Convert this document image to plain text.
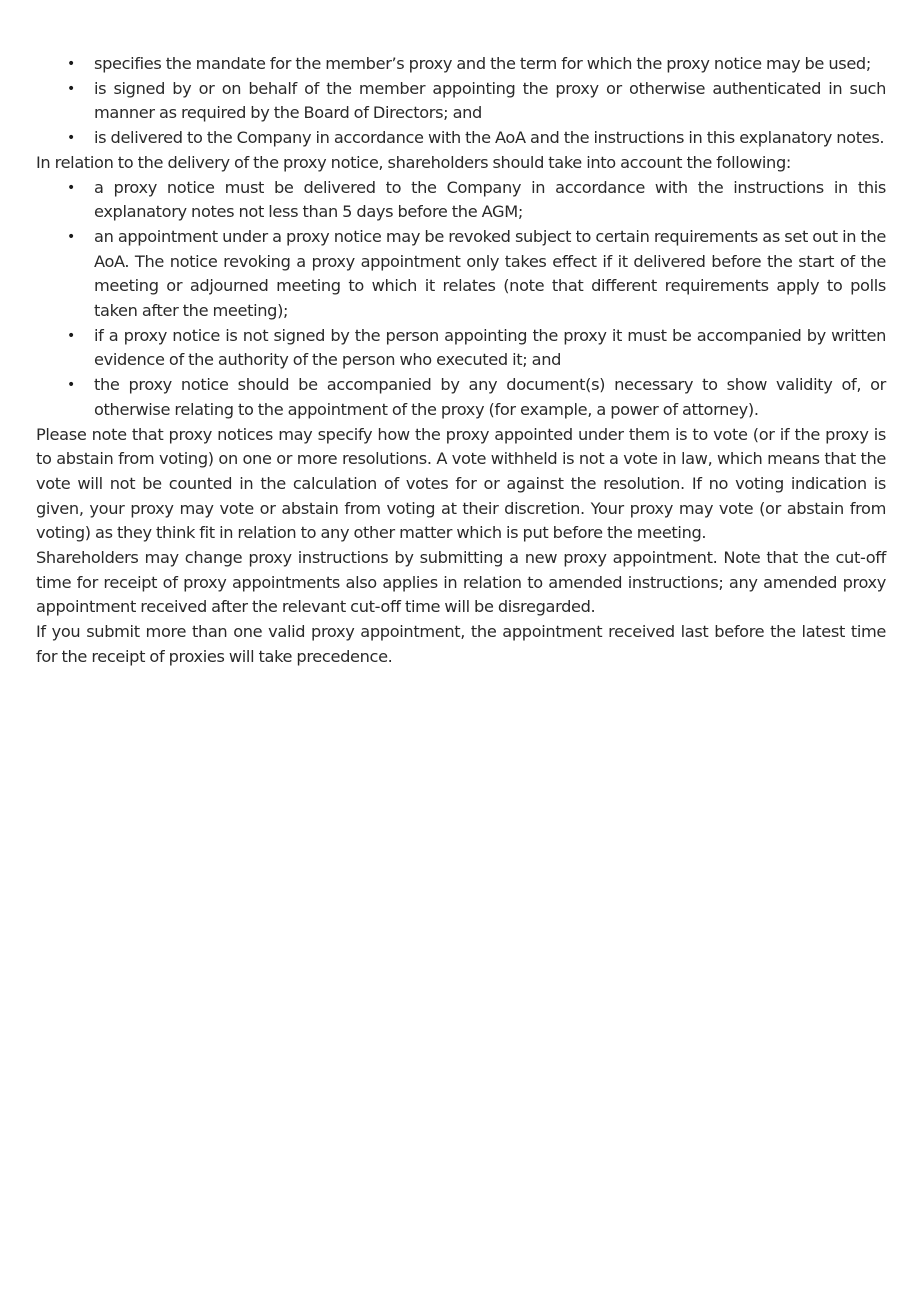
• specifies the mandate for the member’s proxy and the term for which the proxy notice may be used;
• is signed by or on behalf of the member appointing the proxy or otherwise authenticated in such manner as required by the Board of Directors; and
• is delivered to the Company in accordance with the AoA and the instructions in this explanatory notes.

In relation to the delivery of the proxy notice, shareholders should take into account the following:

• a proxy notice must be delivered to the Company in accordance with the instructions in this explanatory notes not less than 5 days before the AGM;
• an appointment under a proxy notice may be revoked subject to certain requirements as set out in the AoA. The notice revoking a proxy appointment only takes effect if it delivered before the start of the meeting or adjourned meeting to which it relates (note that different requirements apply to polls taken after the meeting);
• if a proxy notice is not signed by the person appointing the proxy it must be accompanied by written evidence of the authority of the person who executed it; and
• the proxy notice should be accompanied by any document(s) necessary to show validity of, or otherwise relating to the appointment of the proxy (for example, a power of attorney).

Please note that proxy notices may specify how the proxy appointed under them is to vote (or if the proxy is to abstain from voting) on one or more resolutions. A vote withheld is not a vote in law, which means that the vote will not be counted in the calculation of votes for or against the resolution. If no voting indication is given, your proxy may vote or abstain from voting at their discretion. Your proxy may vote (or abstain from voting) as they think fit in relation to any other matter which is put before the meeting.

Shareholders may change proxy instructions by submitting a new proxy appointment. Note that the cut-off time for receipt of proxy appointments also applies in relation to amended instructions; any amended proxy appointment received after the relevant cut-off time will be disregarded.

If you submit more than one valid proxy appointment, the appointment received last before the latest time for the receipt of proxies will take precedence.
